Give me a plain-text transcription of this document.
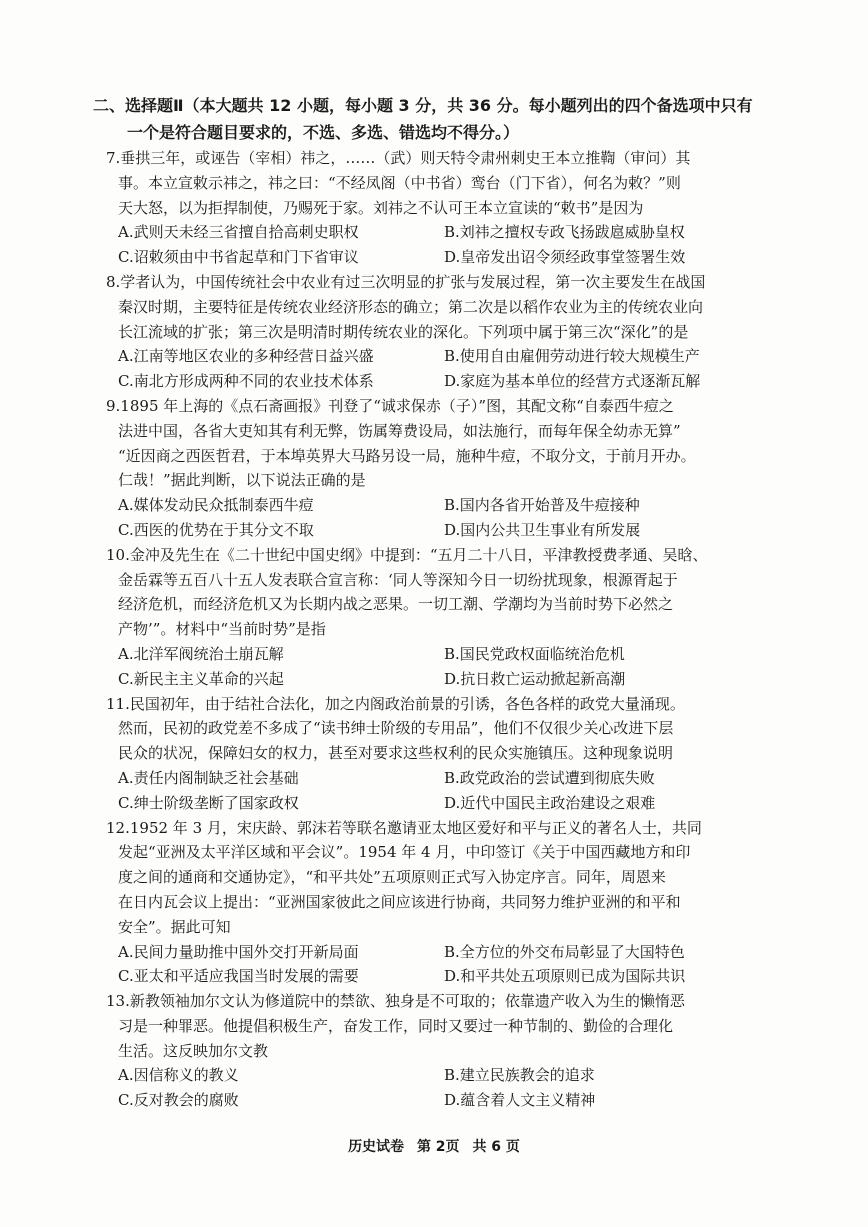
二、选择题Ⅱ（本大题共 12 小题，每小题 3 分，共 36 分。每小题列出的四个备选项中只有
一个是符合题目要求的，不选、多选、错选均不得分。）
7.垂拱三年，或诬告（宰相）祎之，……（武）则天特令肃州刺史王本立推鞫（审问）其
事。本立宣敕示祎之，祎之曰：“不经凤阁（中书省）鸾台（门下省），何名为敕？”则
天大怒，以为拒捍制使，乃赐死于家。刘祎之不认可王本立宣读的“敕书”是因为
A.武则天未经三省擅自拾高刺史职权	B.刘祎之擅权专政飞扬跋扈威胁皇权
C.诏敕须由中书省起草和门下省审议	D.皇帝发出诏令须经政事堂签署生效
8.学者认为，中国传统社会中农业有过三次明显的扩张与发展过程，第一次主要发生在战国
秦汉时期，主要特征是传统农业经济形态的确立；第二次是以稻作农业为主的传统农业向
长江流域的扩张；第三次是明清时期传统农业的深化。下列项中属于第三次“深化”的是
A.江南等地区农业的多种经营日益兴盛	B.使用自由雇佣劳动进行较大规模生产
C.南北方形成两种不同的农业技术体系	D.家庭为基本单位的经营方式逐渐瓦解
9.1895 年上海的《点石斋画报》刊登了“诚求保赤（子）”图，其配文称“自泰西牛痘之
法进中国，各省大吏知其有利无弊，饬属筹费设局，如法施行，而每年保全幼赤无算”
“近因商之西医哲君，于本埠英界大马路另设一局，施种牛痘，不取分文，于前月开办。
仁哉！”据此判断，以下说法正确的是
A.媒体发动民众抵制泰西牛痘	B.国内各省开始普及牛痘接种
C.西医的优势在于其分文不取	D.国内公共卫生事业有所发展
10.金冲及先生在《二十世纪中国史纲》中提到：“五月二十八日，平津教授费孝通、吴晗、
金岳霖等五百八十五人发表联合宣言称：‘同人等深知今日一切纷扰现象，根源胥起于
经济危机，而经济危机又为长期内战之恶果。一切工潮、学潮均为当前时势下必然之
产物’”。材料中“当前时势”是指
A.北洋军阀统治土崩瓦解	B.国民党政权面临统治危机
C.新民主主义革命的兴起	D.抗日救亡运动掀起新高潮
11.民国初年，由于结社合法化，加之内阁政治前景的引诱，各色各样的政党大量涌现。
然而，民初的政党差不多成了“读书绅士阶级的专用品”，他们不仅很少关心改进下层
民众的状况，保障妇女的权力，甚至对要求这些权利的民众实施镇压。这种现象说明
A.责任内阁制缺乏社会基础	B.政党政治的尝试遭到彻底失败
C.绅士阶级垄断了国家政权	D.近代中国民主政治建设之艰难
12.1952 年 3 月，宋庆龄、郭沫若等联名邀请亚太地区爱好和平与正义的著名人士，共同
发起“亚洲及太平洋区域和平会议”。1954 年 4 月，中印签订《关于中国西藏地方和印
度之间的通商和交通协定》，“和平共处”五项原则正式写入协定序言。同年，周恩来
在日内瓦会议上提出：“亚洲国家彼此之间应该进行协商，共同努力维护亚洲的和平和
安全”。据此可知
A.民间力量助推中国外交打开新局面	B.全方位的外交布局彰显了大国特色
C.亚太和平适应我国当时发展的需要	D.和平共处五项原则已成为国际共识
13.新教领袖加尔文认为修道院中的禁欲、独身是不可取的；依靠遗产收入为生的懒惰恶
习是一种罪恶。他提倡积极生产，奋发工作，同时又要过一种节制的、勤俭的合理化
生活。这反映加尔文教
A.因信称义的教义	B.建立民族教会的追求
C.反对教会的腐败	D.蕴含着人文主义精神
历史试卷 第 2页 共 6 页
